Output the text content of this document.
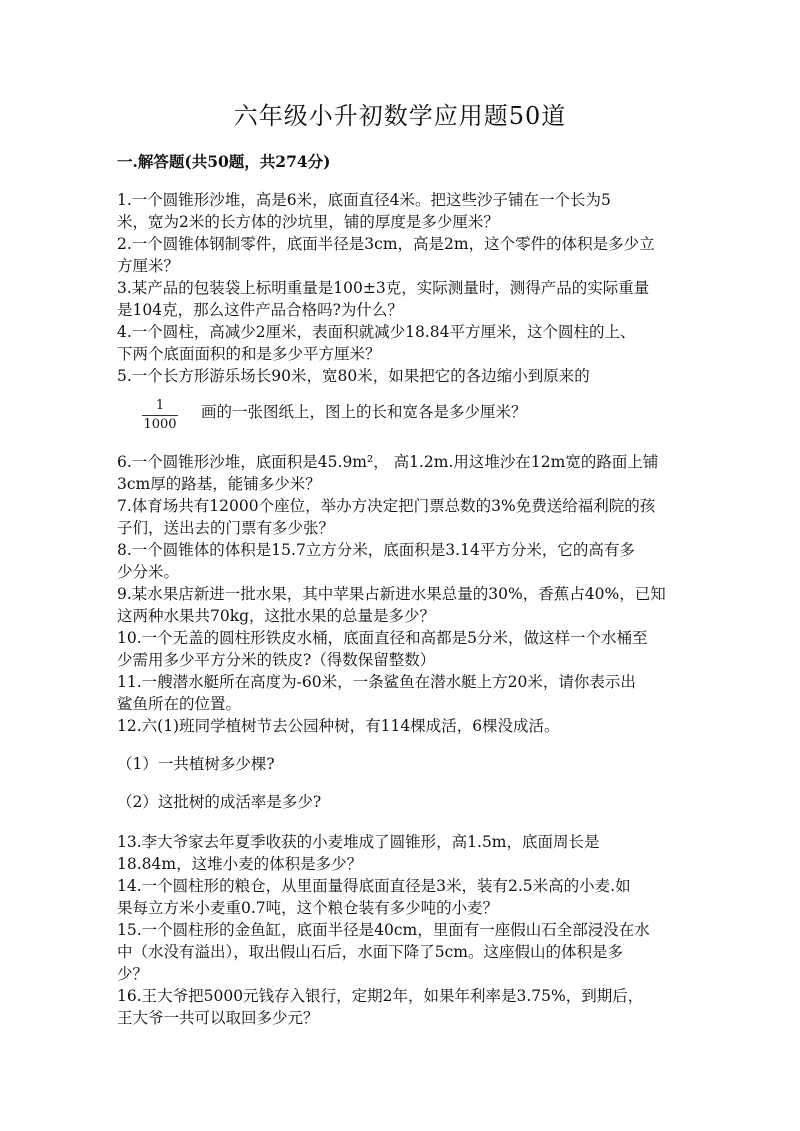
六年级小升初数学应用题50道
一.解答题(共50题，共274分)
1.一个圆锥形沙堆，高是6米，底面直径4米。把这些沙子铺在一个长为5
米，宽为2米的长方体的沙坑里，铺的厚度是多少厘米？
2.一个圆锥体钢制零件，底面半径是3cm，高是2m，这个零件的体积是多少立
方厘米？
3.某产品的包装袋上标明重量是100±3克，实际测量时，测得产品的实际重量
是104克，那么这件产品合格吗?为什么？
4.一个圆柱，高减少2厘米，表面积就减少18.84平方厘米，这个圆柱的上、
下两个底面面积的和是多少平方厘米？
5.一个长方形游乐场长90米，宽80米，如果把它的各边缩小到原来的
1
1000
画的一张图纸上，图上的长和宽各是多少厘米？
6.一个圆锥形沙堆，底面积是45.9m²， 高1.2m.用这堆沙在12m宽的路面上铺
3cm厚的路基，能铺多少米？
7.体育场共有12000个座位，举办方决定把门票总数的3%免费送给福利院的孩
子们，送出去的门票有多少张？
8.一个圆锥体的体积是15.7立方分米，底面积是3.14平方分米，它的高有多
少分米。
9.某水果店新进一批水果，其中苹果占新进水果总量的30%，香蕉占40%，已知
这两种水果共70kg，这批水果的总量是多少？
10.一个无盖的圆柱形铁皮水桶，底面直径和高都是5分米，做这样一个水桶至
少需用多少平方分米的铁皮?（得数保留整数）
11.一艘潜水艇所在高度为-60米，一条鲨鱼在潜水艇上方20米，请你表示出
鲨鱼所在的位置。
12.六(1)班同学植树节去公园种树，有114棵成活，6棵没成活。
（1）一共植树多少棵?
（2）这批树的成活率是多少?
13.李大爷家去年夏季收获的小麦堆成了圆锥形，高1.5m，底面周长是
18.84m，这堆小麦的体积是多少？
14.一个圆柱形的粮仓，从里面量得底面直径是3米，装有2.5米高的小麦.如
果每立方米小麦重0.7吨，这个粮仓装有多少吨的小麦？
15.一个圆柱形的金鱼缸，底面半径是40cm，里面有一座假山石全部浸没在水
中（水没有溢出），取出假山石后，水面下降了5cm。这座假山的体积是多
少？
16.王大爷把5000元钱存入银行，定期2年，如果年利率是3.75%，到期后，
王大爷一共可以取回多少元？
